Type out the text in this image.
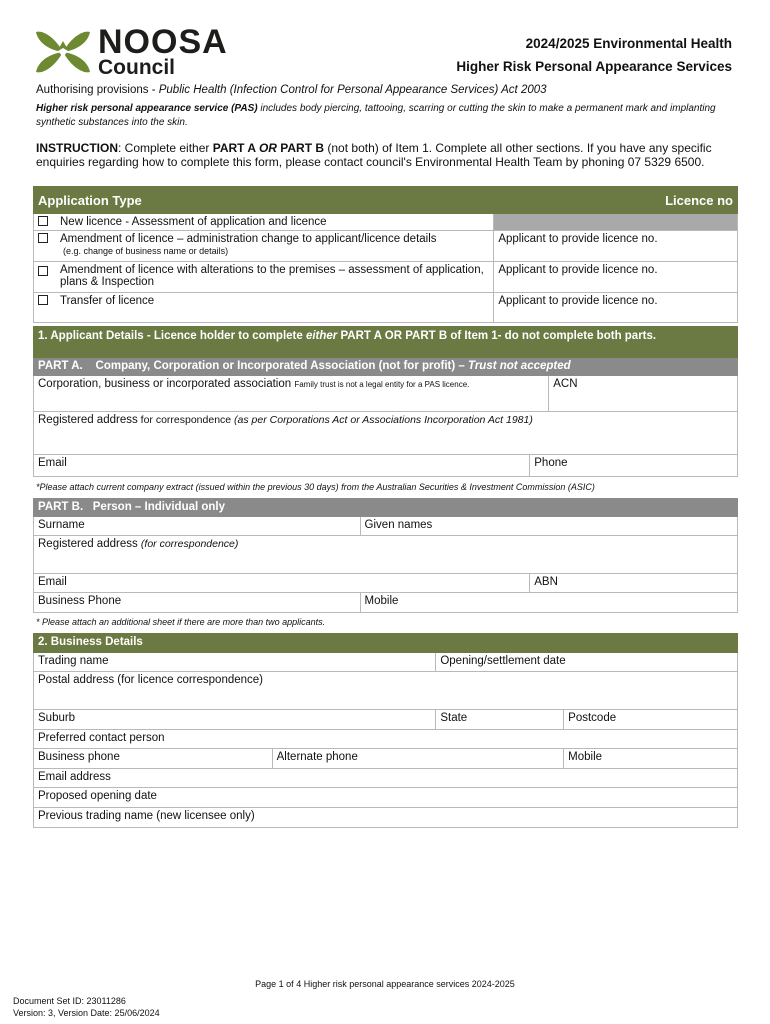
NOOSA
Council
2024/2025 Environmental Health
Higher Risk Personal Appearance Services
Authorising provisions - Public Health (Infection Control for Personal Appearance Services) Act 2003
Higher risk personal appearance service (PAS) includes body piercing, tattooing, scarring or cutting the skin to make a permanent mark and implanting synthetic substances into the skin.
INSTRUCTION: Complete either PART A OR PART B (not both) of Item 1. Complete all other sections. If you have any specific enquiries regarding how to complete this form, please contact council's Environmental Health Team by phoning 07 5329 6500.
Application Type	Licence no
New licence - Assessment of application and licence	
Amendment of licence – administration change to applicant/licence details
(e.g. change of business name or details)	Applicant to provide licence no.

Amendment of licence with alterations to the premises – assessment of application, plans & Inspection	Applicant to provide licence no.
Transfer of licence	Applicant to provide licence no.
1. Applicant Details - Licence holder to complete either PART A OR PART B of Item 1- do not complete both parts.		
PART A. Company, Corporation or Incorporated Association (not for profit) – Trust not accepted		
Corporation, business or incorporated association Family trust is not a legal entity for a PAS licence.		ACN
Registered address for correspondence (as per Corporations Act or Associations Incorporation Act 1981)		
Email	Phone	
*Please attach current company extract (issued within the previous 30 days) from the Australian Securities & Investment Commission (ASIC)
PART B. Person – Individual only		
Surname	Given names	
Registered address (for correspondence)		
Email		ABN
Business Phone	Mobile	
* Please attach an additional sheet if there are more than two applicants.
2. Business Details			
Trading name		Opening/settlement date	
Postal address (for licence correspondence)			
Suburb		State	Postcode
Preferred contact person			
Business phone	Alternate phone		Mobile
Email address			
Proposed opening date			
Previous trading name (new licensee only)			
Page 1 of 4 Higher risk personal appearance services 2024-2025
Document Set ID: 23011286
Version: 3, Version Date: 25/06/2024
